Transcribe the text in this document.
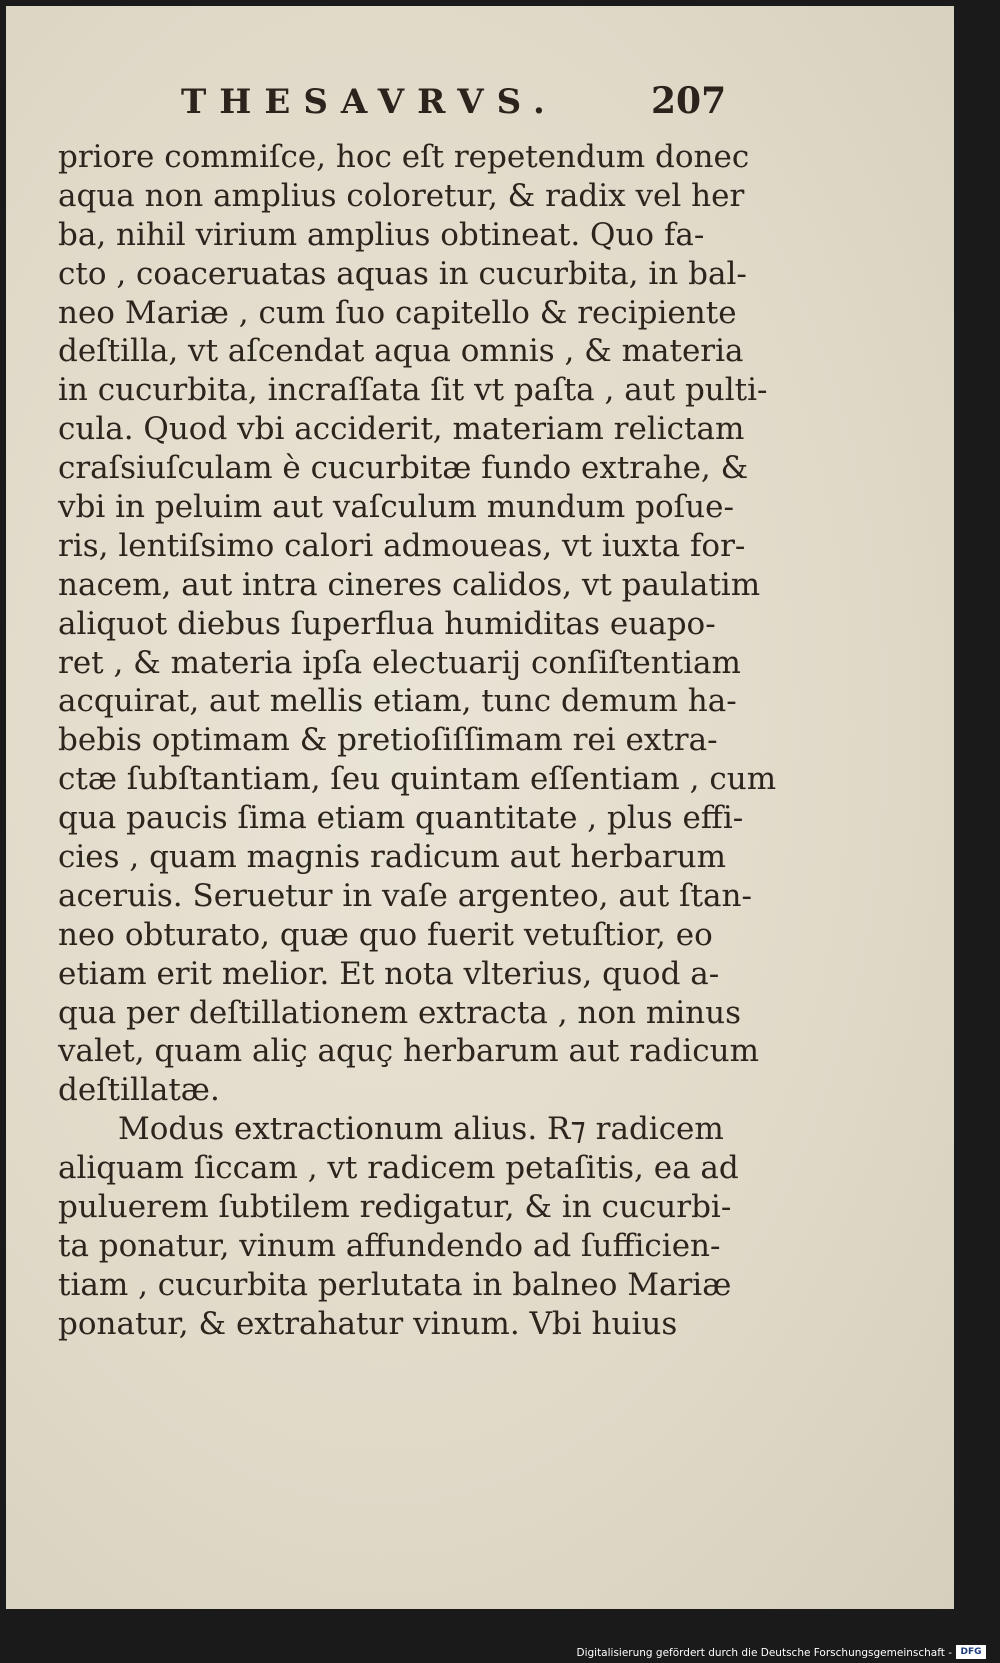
THESAVRVS.	207
priore commiſce, hoc eſt repetendum donec
aqua non amplius coloretur, & radix vel her
ba, nihil virium amplius obtineat. Quo fa-
cto , coaceruatas aquas in cucurbita, in bal-
neo Mariæ , cum ſuo capitello & recipiente
deſtilla, vt aſcendat aqua omnis , & materia
in cucurbita, incraſſata ſit vt paſta , aut pulti-
cula. Quod vbi acciderit, materiam relictam
craſsiuſculam è cucurbitæ fundo extrahe, &
vbi in peluim aut vaſculum mundum poſue-
ris, lentiſsimo calori admoueas, vt iuxta for-
nacem, aut intra cineres calidos, vt paulatim
aliquot diebus ſuperflua humiditas euapo-
ret , & materia ipſa electuarij conſiſtentiam
acquirat, aut mellis etiam, tunc demum ha-
bebis optimam & pretioſiſſimam rei extra-
ctæ ſubſtantiam, ſeu quintam eſſentiam , cum
qua paucis ſima etiam quantitate , plus effi-
cies , quam magnis radicum aut herbarum
aceruis. Seruetur in vaſe argenteo, aut ſtan-
neo obturato, quæ quo fuerit vetuſtior, eo
etiam erit melior. Et nota vlterius, quod a-
qua per deſtillationem extracta , non minus
valet, quam aliç aquç herbarum aut radicum
deſtillatæ.
Modus extractionum alius. R⁊ radicem
aliquam ſiccam , vt radicem petaſitis, ea ad
puluerem ſubtilem redigatur, & in cucurbi-
ta ponatur, vinum affundendo ad ſufficien-
tiam , cucurbita perlutata in balneo Mariæ
ponatur, & extrahatur vinum. Vbi huius
Digitalisierung gefördert durch die Deutsche Forschungsgemeinschaft - DFG
